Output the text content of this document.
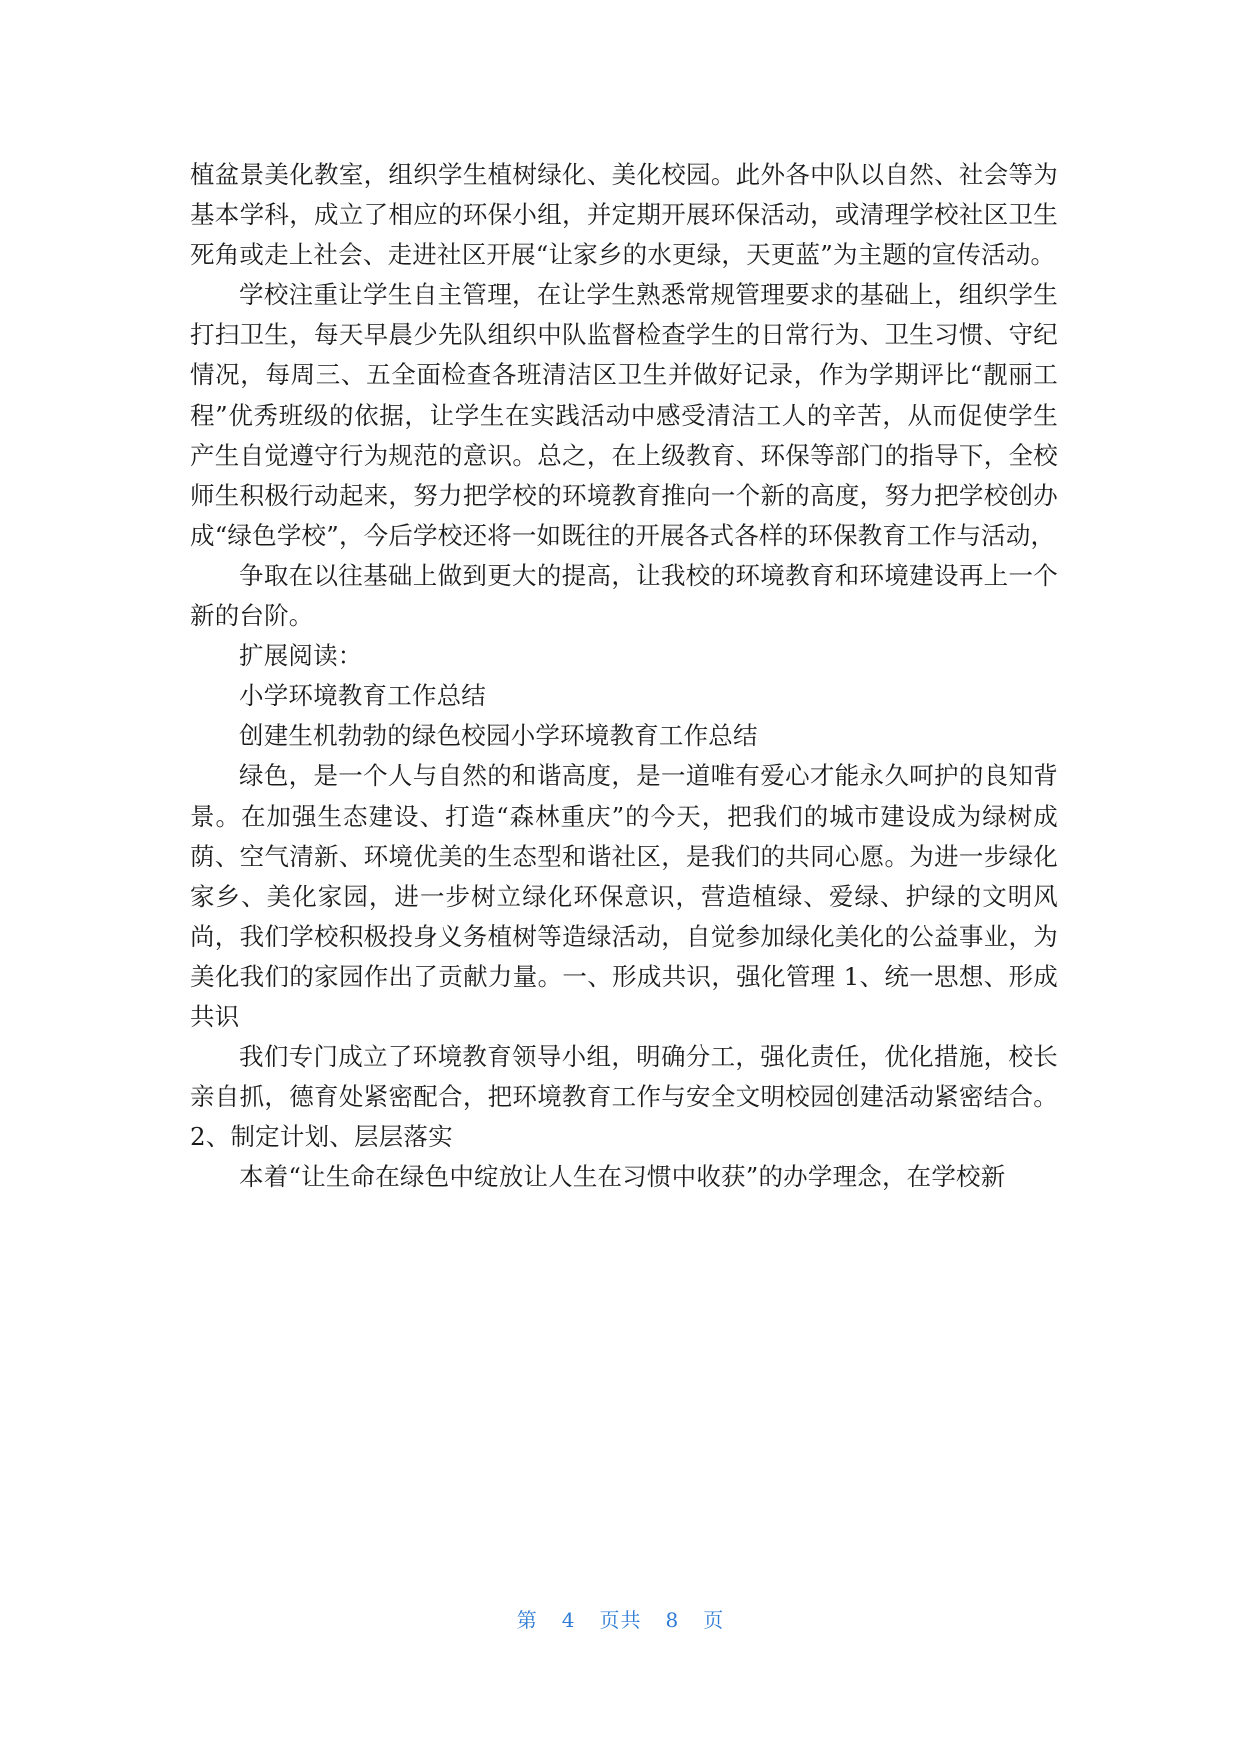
植盆景美化教室，组织学生植树绿化、美化校园。此外各中队以自然、社会等为基本学科，成立了相应的环保小组，并定期开展环保活动，或清理学校社区卫生死角或走上社会、走进社区开展“让家乡的水更绿，天更蓝”为主题的宣传活动。

学校注重让学生自主管理，在让学生熟悉常规管理要求的基础上，组织学生打扫卫生，每天早晨少先队组织中队监督检查学生的日常行为、卫生习惯、守纪情况，每周三、五全面检查各班清洁区卫生并做好记录，作为学期评比“靓丽工程”优秀班级的依据，让学生在实践活动中感受清洁工人的辛苦，从而促使学生产生自觉遵守行为规范的意识。总之，在上级教育、环保等部门的指导下，全校师生积极行动起来，努力把学校的环境教育推向一个新的高度，努力把学校创办成“绿色学校”，今后学校还将一如既往的开展各式各样的环保教育工作与活动，

争取在以往基础上做到更大的提高，让我校的环境教育和环境建设再上一个新的台阶。

扩展阅读：

小学环境教育工作总结

创建生机勃勃的绿色校园小学环境教育工作总结

绿色，是一个人与自然的和谐高度，是一道唯有爱心才能永久呵护的良知背景。在加强生态建设、打造“森林重庆”的今天，把我们的城市建设成为绿树成荫、空气清新、环境优美的生态型和谐社区，是我们的共同心愿。为进一步绿化家乡、美化家园，进一步树立绿化环保意识，营造植绿、爱绿、护绿的文明风尚，我们学校积极投身义务植树等造绿活动，自觉参加绿化美化的公益事业，为美化我们的家园作出了贡献力量。一、形成共识，强化管理 1、统一思想、形成共识

我们专门成立了环境教育领导小组，明确分工，强化责任，优化措施，校长亲自抓，德育处紧密配合，把环境教育工作与安全文明校园创建活动紧密结合。2、制定计划、层层落实

本着“让生命在绿色中绽放让人生在习惯中收获”的办学理念，在学校新

第 4 页共 8 页
